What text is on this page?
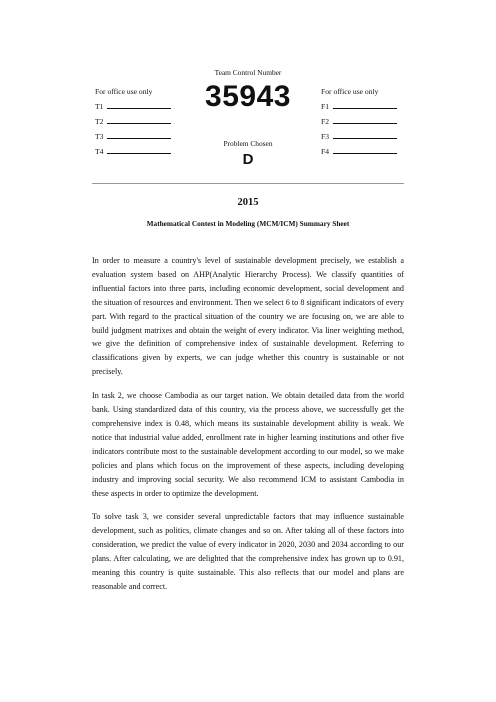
For office use only
T1
T2
T3
T4
Team Control Number
35943
Problem Chosen
D
For office use only
F1
F2
F3
F4
2015
Mathematical Contest in Modeling (MCM/ICM) Summary Sheet

In order to measure a country's level of sustainable development precisely, we establish a evaluation system based on AHP(Analytic Hierarchy Process). We classify quantities of influential factors into three parts, including economic development, social development and the situation of resources and environment. Then we select 6 to 8 significant indicators of every part. With regard to the practical situation of the country we are focusing on, we are able to build judgment matrixes and obtain the weight of every indicator. Via liner weighting method, we give the definition of comprehensive index of sustainable development. Referring to classifications given by experts, we can judge whether this country is sustainable or not precisely.

In task 2, we choose Cambodia as our target nation. We obtain detailed data from the world bank. Using standardized data of this country, via the process above, we successfully get the comprehensive index is 0.48, which means its sustainable development ability is weak. We notice that industrial value added, enrollment rate in higher learning institutions and other five indicators contribute most to the sustainable development according to our model, so we make policies and plans which focus on the improvement of these aspects, including developing industry and improving social security. We also recommend ICM to assistant Cambodia in these aspects in order to optimize the development.

To solve task 3, we consider several unpredictable factors that may influence sustainable development, such as politics, climate changes and so on. After taking all of these factors into consideration, we predict the value of every indicator in 2020, 2030 and 2034 according to our plans. After calculating, we are delighted that the comprehensive index has grown up to 0.91, meaning this country is quite sustainable. This also reflects that our model and plans are reasonable and correct.
